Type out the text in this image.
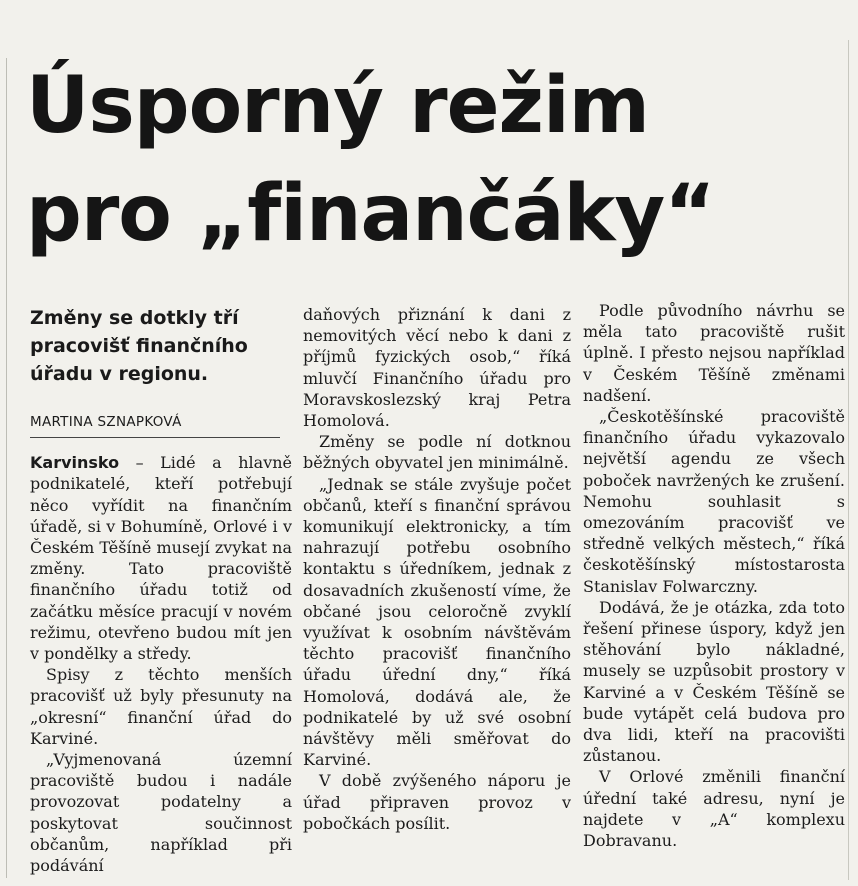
Úsporný režim
pro „finančáky“
Změny se dotkly tří pracovišť finančního úřadu v regionu.
MARTINA SZNAPKOVÁ

Karvinsko – Lidé a hlavně podnikatelé, kteří potřebují něco vyřídit na finančním úřadě, si v Bohumíně, Orlové i v Českém Těšíně musejí zvykat na změny. Tato pracoviště finančního úřadu totiž od začátku měsíce pracují v novém režimu, otevřeno budou mít jen v pondělky a středy.

Spisy z těchto menších pracovišť už byly přesunuty na „okresní“ finanční úřad do Karviné.

„Vyjmenovaná územní pracoviště budou i nadále provozovat podatelny a poskytovat součinnost občanům, například při podávání

daňových přiznání k dani z nemovitých věcí nebo k dani z příjmů fyzických osob,“ říká mluvčí Finančního úřadu pro Moravskoslezský kraj Petra Homolová.

Změny se podle ní dotknou běžných obyvatel jen minimálně.

„Jednak se stále zvyšuje počet občanů, kteří s finanční správou komunikují elektronicky, a tím nahrazují potřebu osobního kontaktu s úředníkem, jednak z dosavadních zkušeností víme, že občané jsou celoročně zvyklí využívat k osobním návštěvám těchto pracovišť finančního úřadu úřední dny,“ říká Homolová, dodává ale, že podnikatelé by už své osobní návštěvy měli směřovat do Karviné.

V době zvýšeného náporu je úřad připraven provoz v pobočkách posílit.

Podle původního návrhu se měla tato pracoviště rušit úplně. I přesto nejsou například v Českém Těšíně změnami nadšení.

„Českotěšínské pracoviště finančního úřadu vykazovalo největší agendu ze všech poboček navržených ke zrušení. Nemohu souhlasit s omezováním pracovišť ve středně velkých městech,“ říká českotěšínský místostarosta Stanislav Folwarczny.

Dodává, že je otázka, zda toto řešení přinese úspory, když jen stěhování bylo nákladné, musely se uzpůsobit prostory v Karviné a v Českém Těšíně se bude vytápět celá budova pro dva lidi, kteří na pracovišti zůstanou.

V Orlové změnili finanční úřední také adresu, nyní je najdete v „A“ komplexu Dobravanu.
